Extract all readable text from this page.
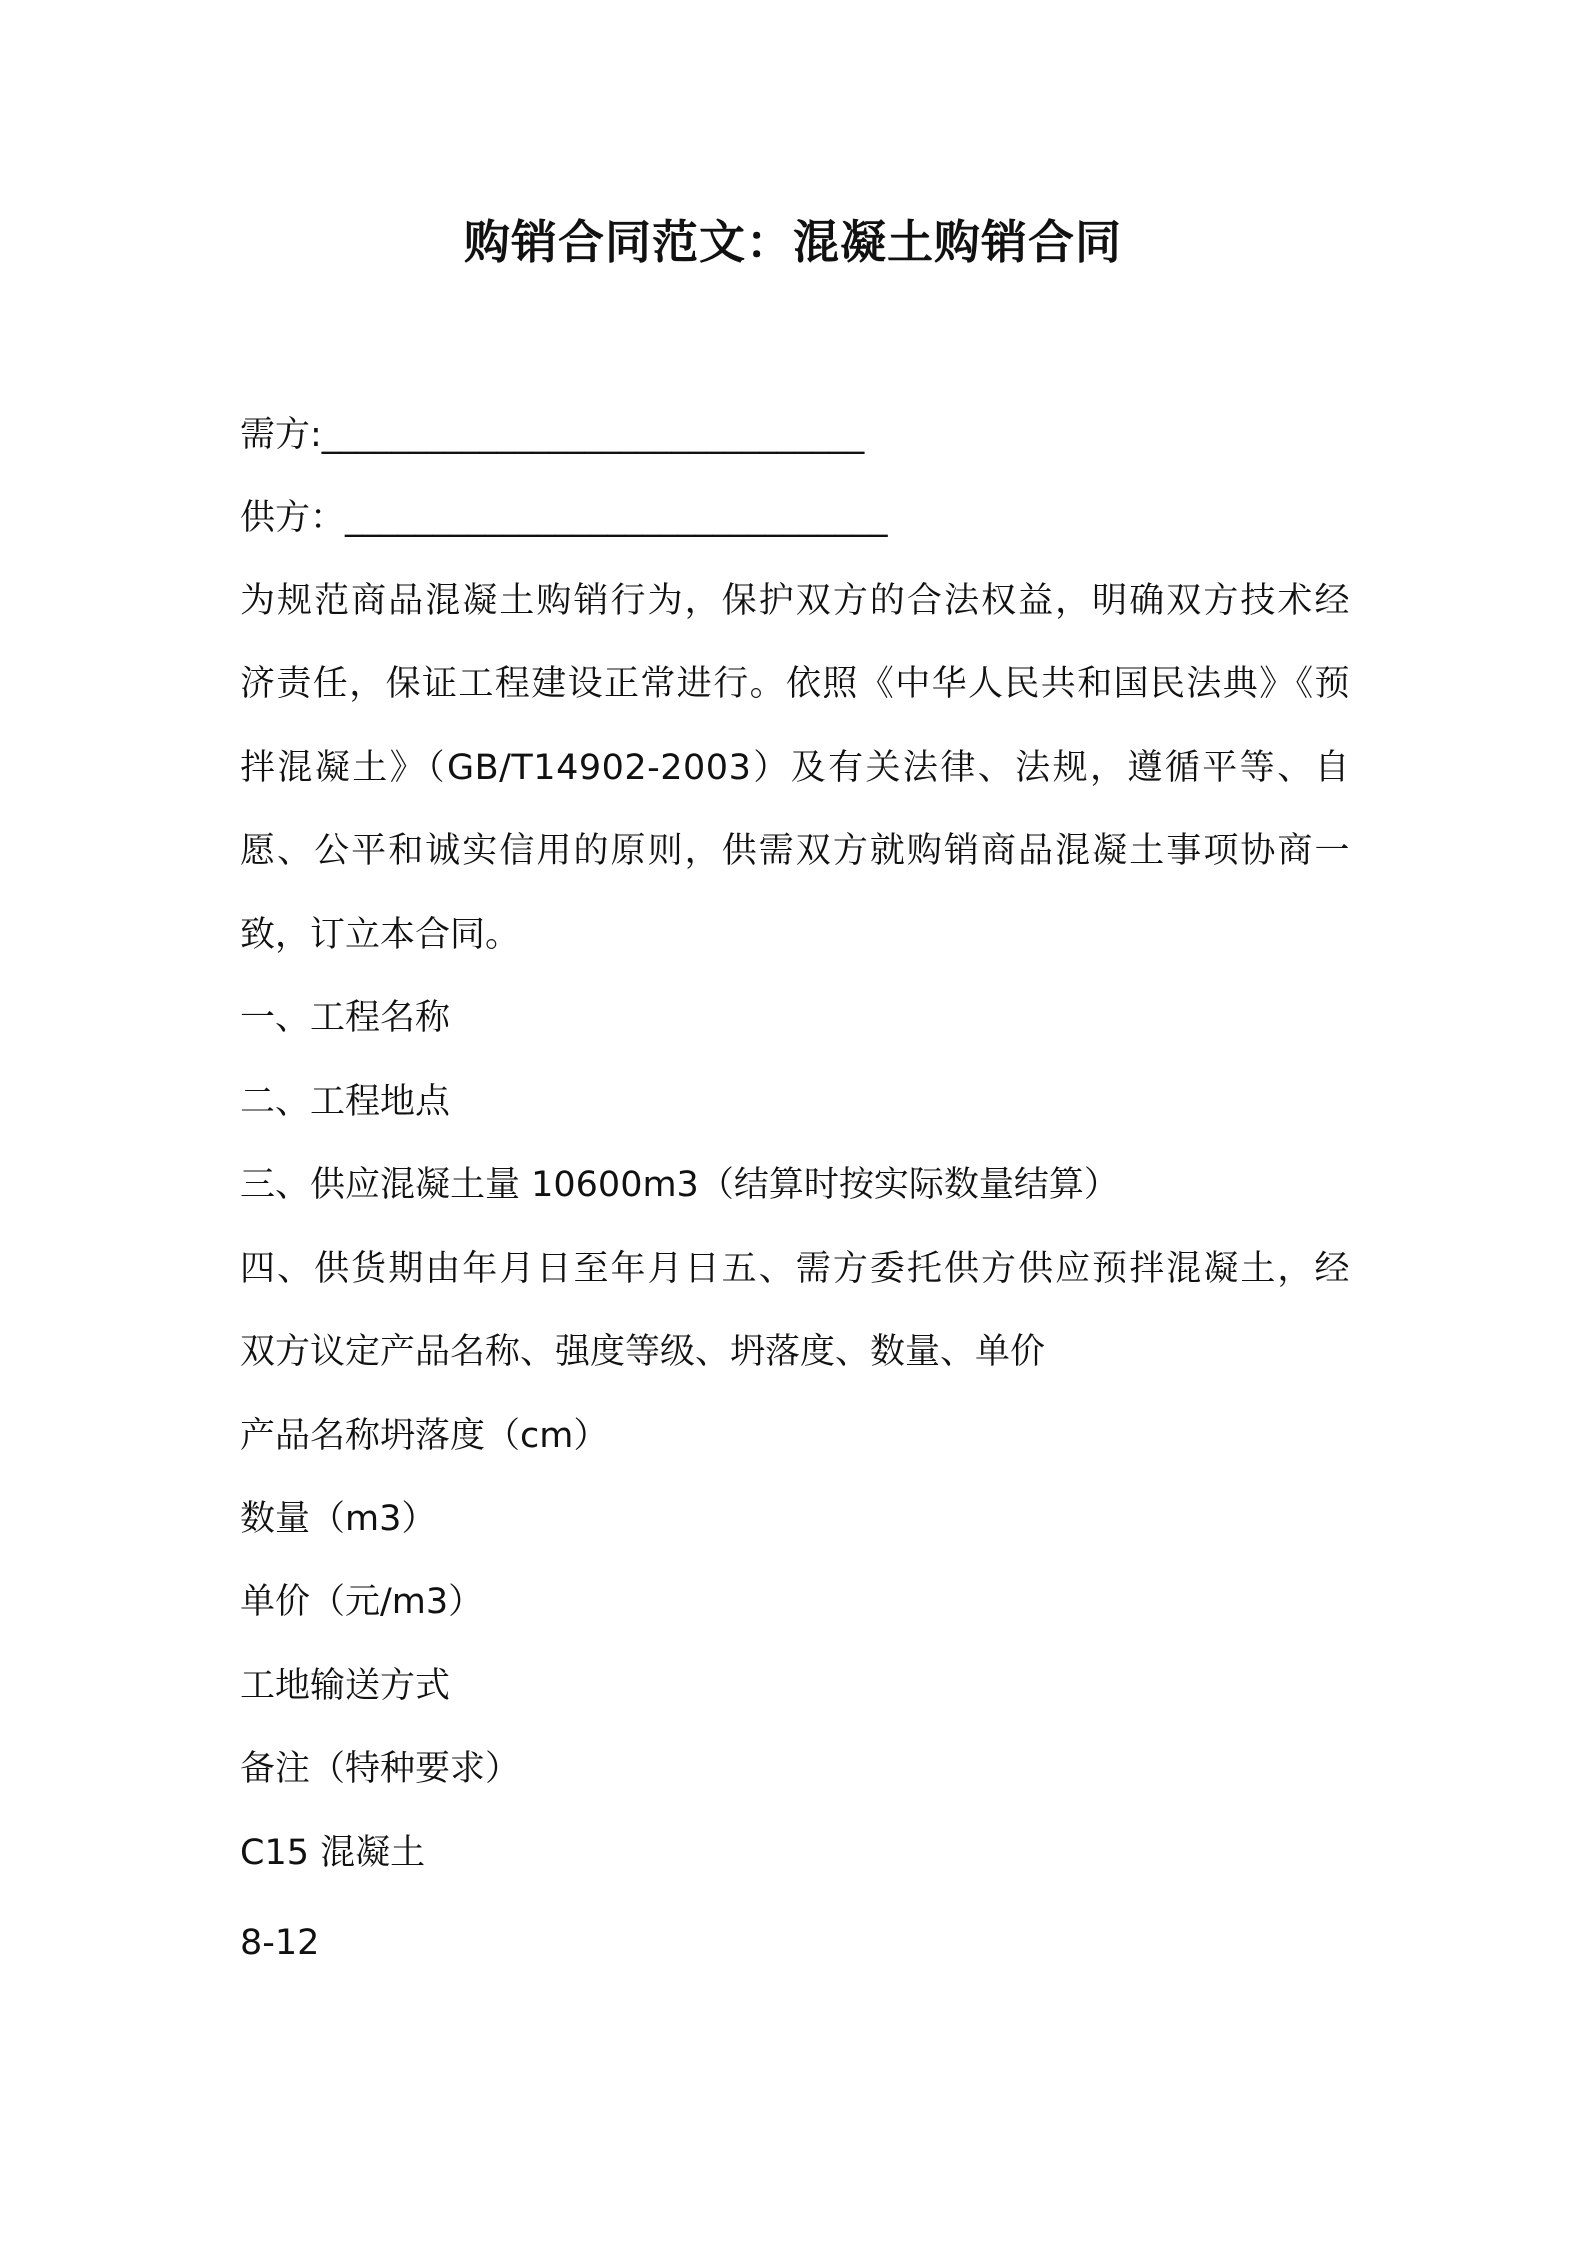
购销合同范文：混凝土购销合同
需方:_______________________________
供方：_______________________________
为规范商品混凝土购销行为，保护双方的合法权益，明确双方技术经
济责任，保证工程建设正常进行。依照《中华人民共和国民法典》《预
拌混凝土》（GB/T14902-2003）及有关法律、法规，遵循平等、自
愿、公平和诚实信用的原则，供需双方就购销商品混凝土事项协商一
致，订立本合同。
一、工程名称
二、工程地点
三、供应混凝土量 10600m3（结算时按实际数量结算）
四、供货期由年月日至年月日五、需方委托供方供应预拌混凝土，经
双方议定产品名称、强度等级、坍落度、数量、单价
产品名称坍落度（cm）
数量（m3）
单价（元/m3）
工地输送方式
备注（特种要求）
C15 混凝土
8-12
